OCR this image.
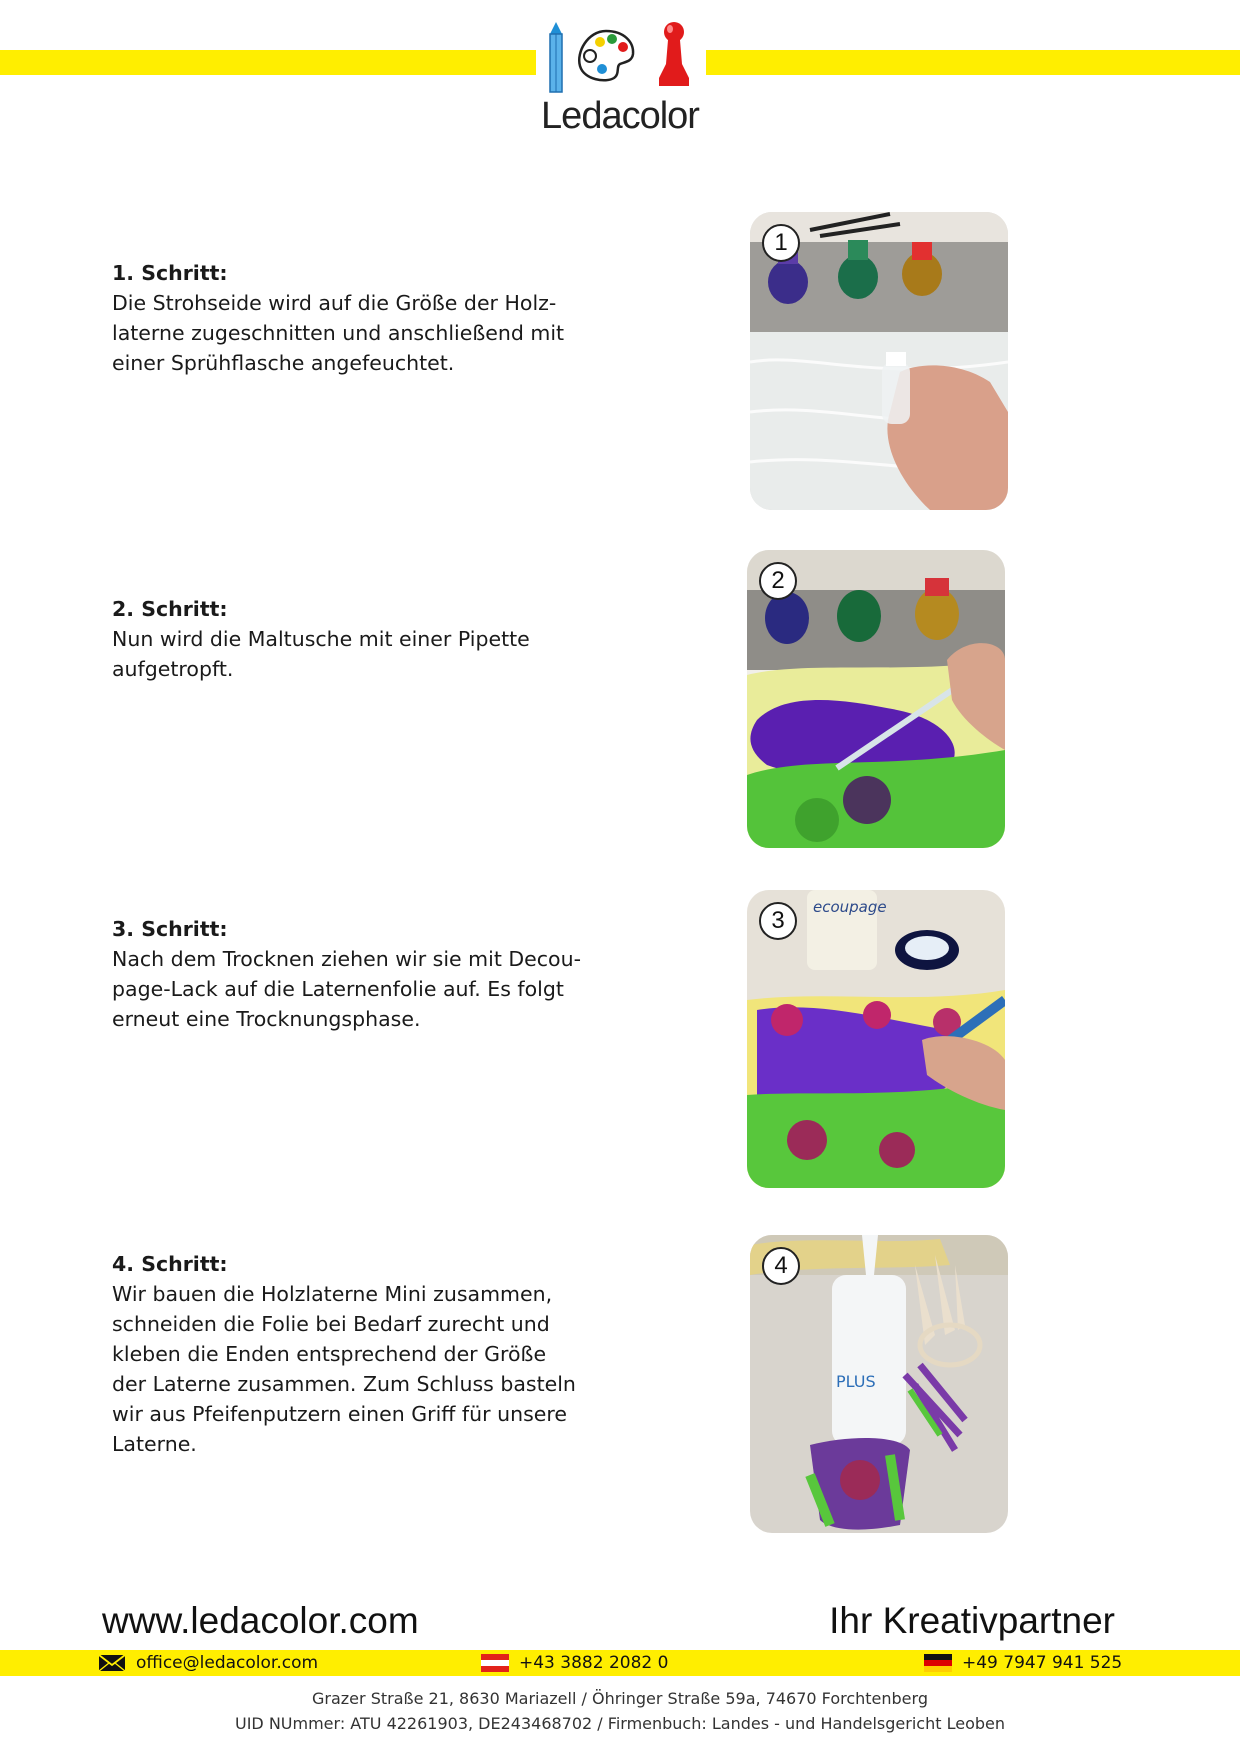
Ledacolor
1. Schritt:
Die Strohseide wird auf die Größe der Holz-
laterne zugeschnitten und anschließend mit
einer Sprühflasche angefeuchtet.
1
2. Schritt:
Nun wird die Maltusche mit einer Pipette
aufgetropft.
2
3. Schritt:
Nach dem Trocknen ziehen wir sie mit Decou-
page-Lack auf die Laternenfolie auf. Es folgt
erneut eine Trocknungsphase.
ecoupage
3
4. Schritt:
Wir bauen die Holzlaterne Mini zusammen,
schneiden die Folie bei Bedarf zurecht und
kleben die Enden entsprechend der Größe
der Laterne zusammen. Zum Schluss basteln
wir aus Pfeifenputzern einen Griff für unsere
Laterne.
PLUS
4
www.ledacolor.com	Ihr Kreativpartner
office@ledacolor.com	+43 3882 2082 0	+49 7947 941 525
Grazer Straße 21, 8630 Mariazell / Öhringer Straße 59a, 74670 Forchtenberg
UID NUmmer: ATU 42261903, DE243468702 / Firmenbuch: Landes - und Handelsgericht Leoben
